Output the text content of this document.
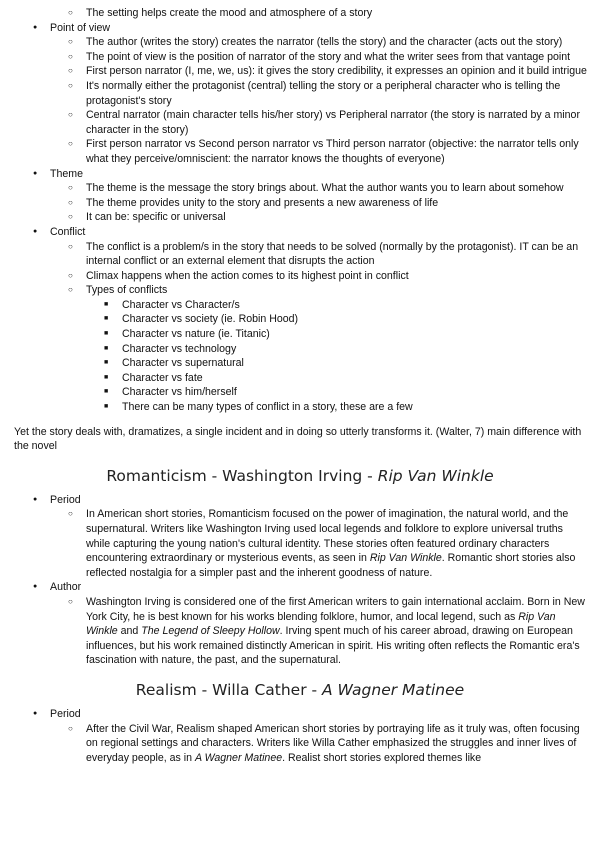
○ The setting helps create the mood and atmosphere of a story
● Point of view
○ The author (writes the story) creates the narrator (tells the story) and the character (acts out the story)
○ The point of view is the position of narrator of the story and what the writer sees from that vantage point
○ First person narrator (I, me, we, us): it gives the story credibility, it expresses an opinion and it build intrigue
○ It's normally either the protagonist (central) telling the story or a peripheral character who is telling the protagonist's story
○ Central narrator (main character tells his/her story) vs Peripheral narrator (the story is narrated by a minor character in the story)
○ First person narrator vs Second person narrator vs Third person narrator (objective: the narrator tells only what they perceive/omniscient: the narrator knows the thoughts of everyone)
● Theme
○ The theme is the message the story brings about. What the author wants you to learn about somehow
○ The theme provides unity to the story and presents a new awareness of life
○ It can be: specific or universal
● Conflict
○ The conflict is a problem/s in the story that needs to be solved (normally by the protagonist). IT can be an internal conflict or an external element that disrupts the action
○ Climax happens when the action comes to its highest point in conflict
○ Types of conflicts
■ Character vs Character/s
■ Character vs society (ie. Robin Hood)
■ Character vs nature (ie. Titanic)
■ Character vs technology
■ Character vs supernatural
■ Character vs fate
■ Character vs him/herself
■ There can be many types of conflict in a story, these are a few

Yet the story deals with, dramatizes, a single incident and in doing so utterly transforms it. (Walter, 7) main difference with the novel

Romanticism - Washington Irving - Rip Van Winkle
● Period
○ In American short stories, Romanticism focused on the power of imagination, the natural world, and the supernatural. Writers like Washington Irving used local legends and folklore to explore universal truths while capturing the young nation's cultural identity. These stories often featured ordinary characters encountering extraordinary or mysterious events, as seen in Rip Van Winkle. Romantic short stories also reflected nostalgia for a simpler past and the inherent goodness of nature.
● Author
○ Washington Irving is considered one of the first American writers to gain international acclaim. Born in New York City, he is best known for his works blending folklore, humor, and local legend, such as Rip Van Winkle and The Legend of Sleepy Hollow. Irving spent much of his career abroad, drawing on European influences, but his work remained distinctly American in spirit. His writing often reflects the Romantic era's fascination with nature, the past, and the supernatural.
Realism - Willa Cather - A Wagner Matinee
● Period
○ After the Civil War, Realism shaped American short stories by portraying life as it truly was, often focusing on regional settings and characters. Writers like Willa Cather emphasized the struggles and inner lives of everyday people, as in A Wagner Matinee. Realist short stories explored themes like
